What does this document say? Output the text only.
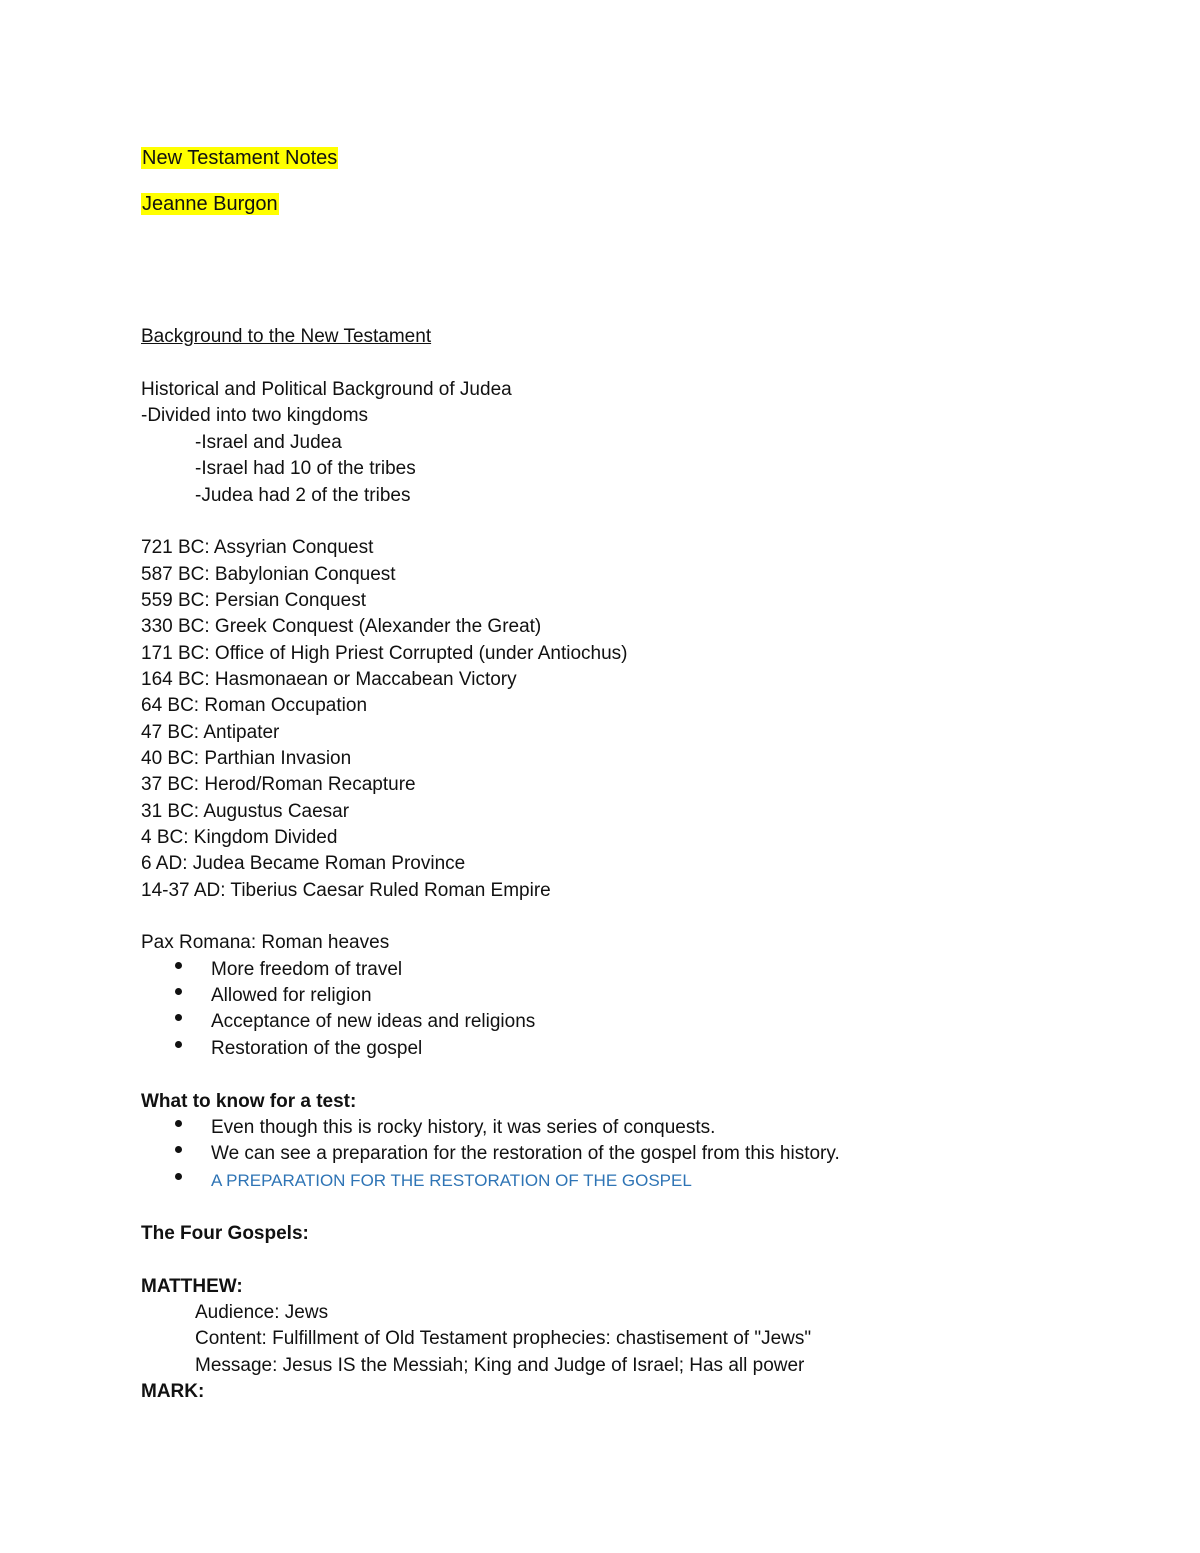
New Testament Notes
Jeanne Burgon
Background to the New Testament
Historical and Political Background of Judea
-Divided into two kingdoms
-Israel and Judea
-Israel had 10 of the tribes
-Judea had 2 of the tribes
721 BC: Assyrian Conquest
587 BC: Babylonian Conquest
559 BC: Persian Conquest
330 BC: Greek Conquest (Alexander the Great)
171 BC: Office of High Priest Corrupted (under Antiochus)
164 BC: Hasmonaean or Maccabean Victory
64 BC: Roman Occupation
47 BC: Antipater
40 BC: Parthian Invasion
37 BC: Herod/Roman Recapture
31 BC: Augustus Caesar
4 BC: Kingdom Divided
6 AD: Judea Became Roman Province
14-37 AD: Tiberius Caesar Ruled Roman Empire
Pax Romana: Roman heaves
More freedom of travel
Allowed for religion
Acceptance of new ideas and religions
Restoration of the gospel
What to know for a test:
Even though this is rocky history, it was series of conquests.
We can see a preparation for the restoration of the gospel from this history.
A PREPARATION FOR THE RESTORATION OF THE GOSPEL
The Four Gospels:
MATTHEW:
Audience: Jews
Content: Fulfillment of Old Testament prophecies: chastisement of "Jews"
Message: Jesus IS the Messiah; King and Judge of Israel; Has all power
MARK:
